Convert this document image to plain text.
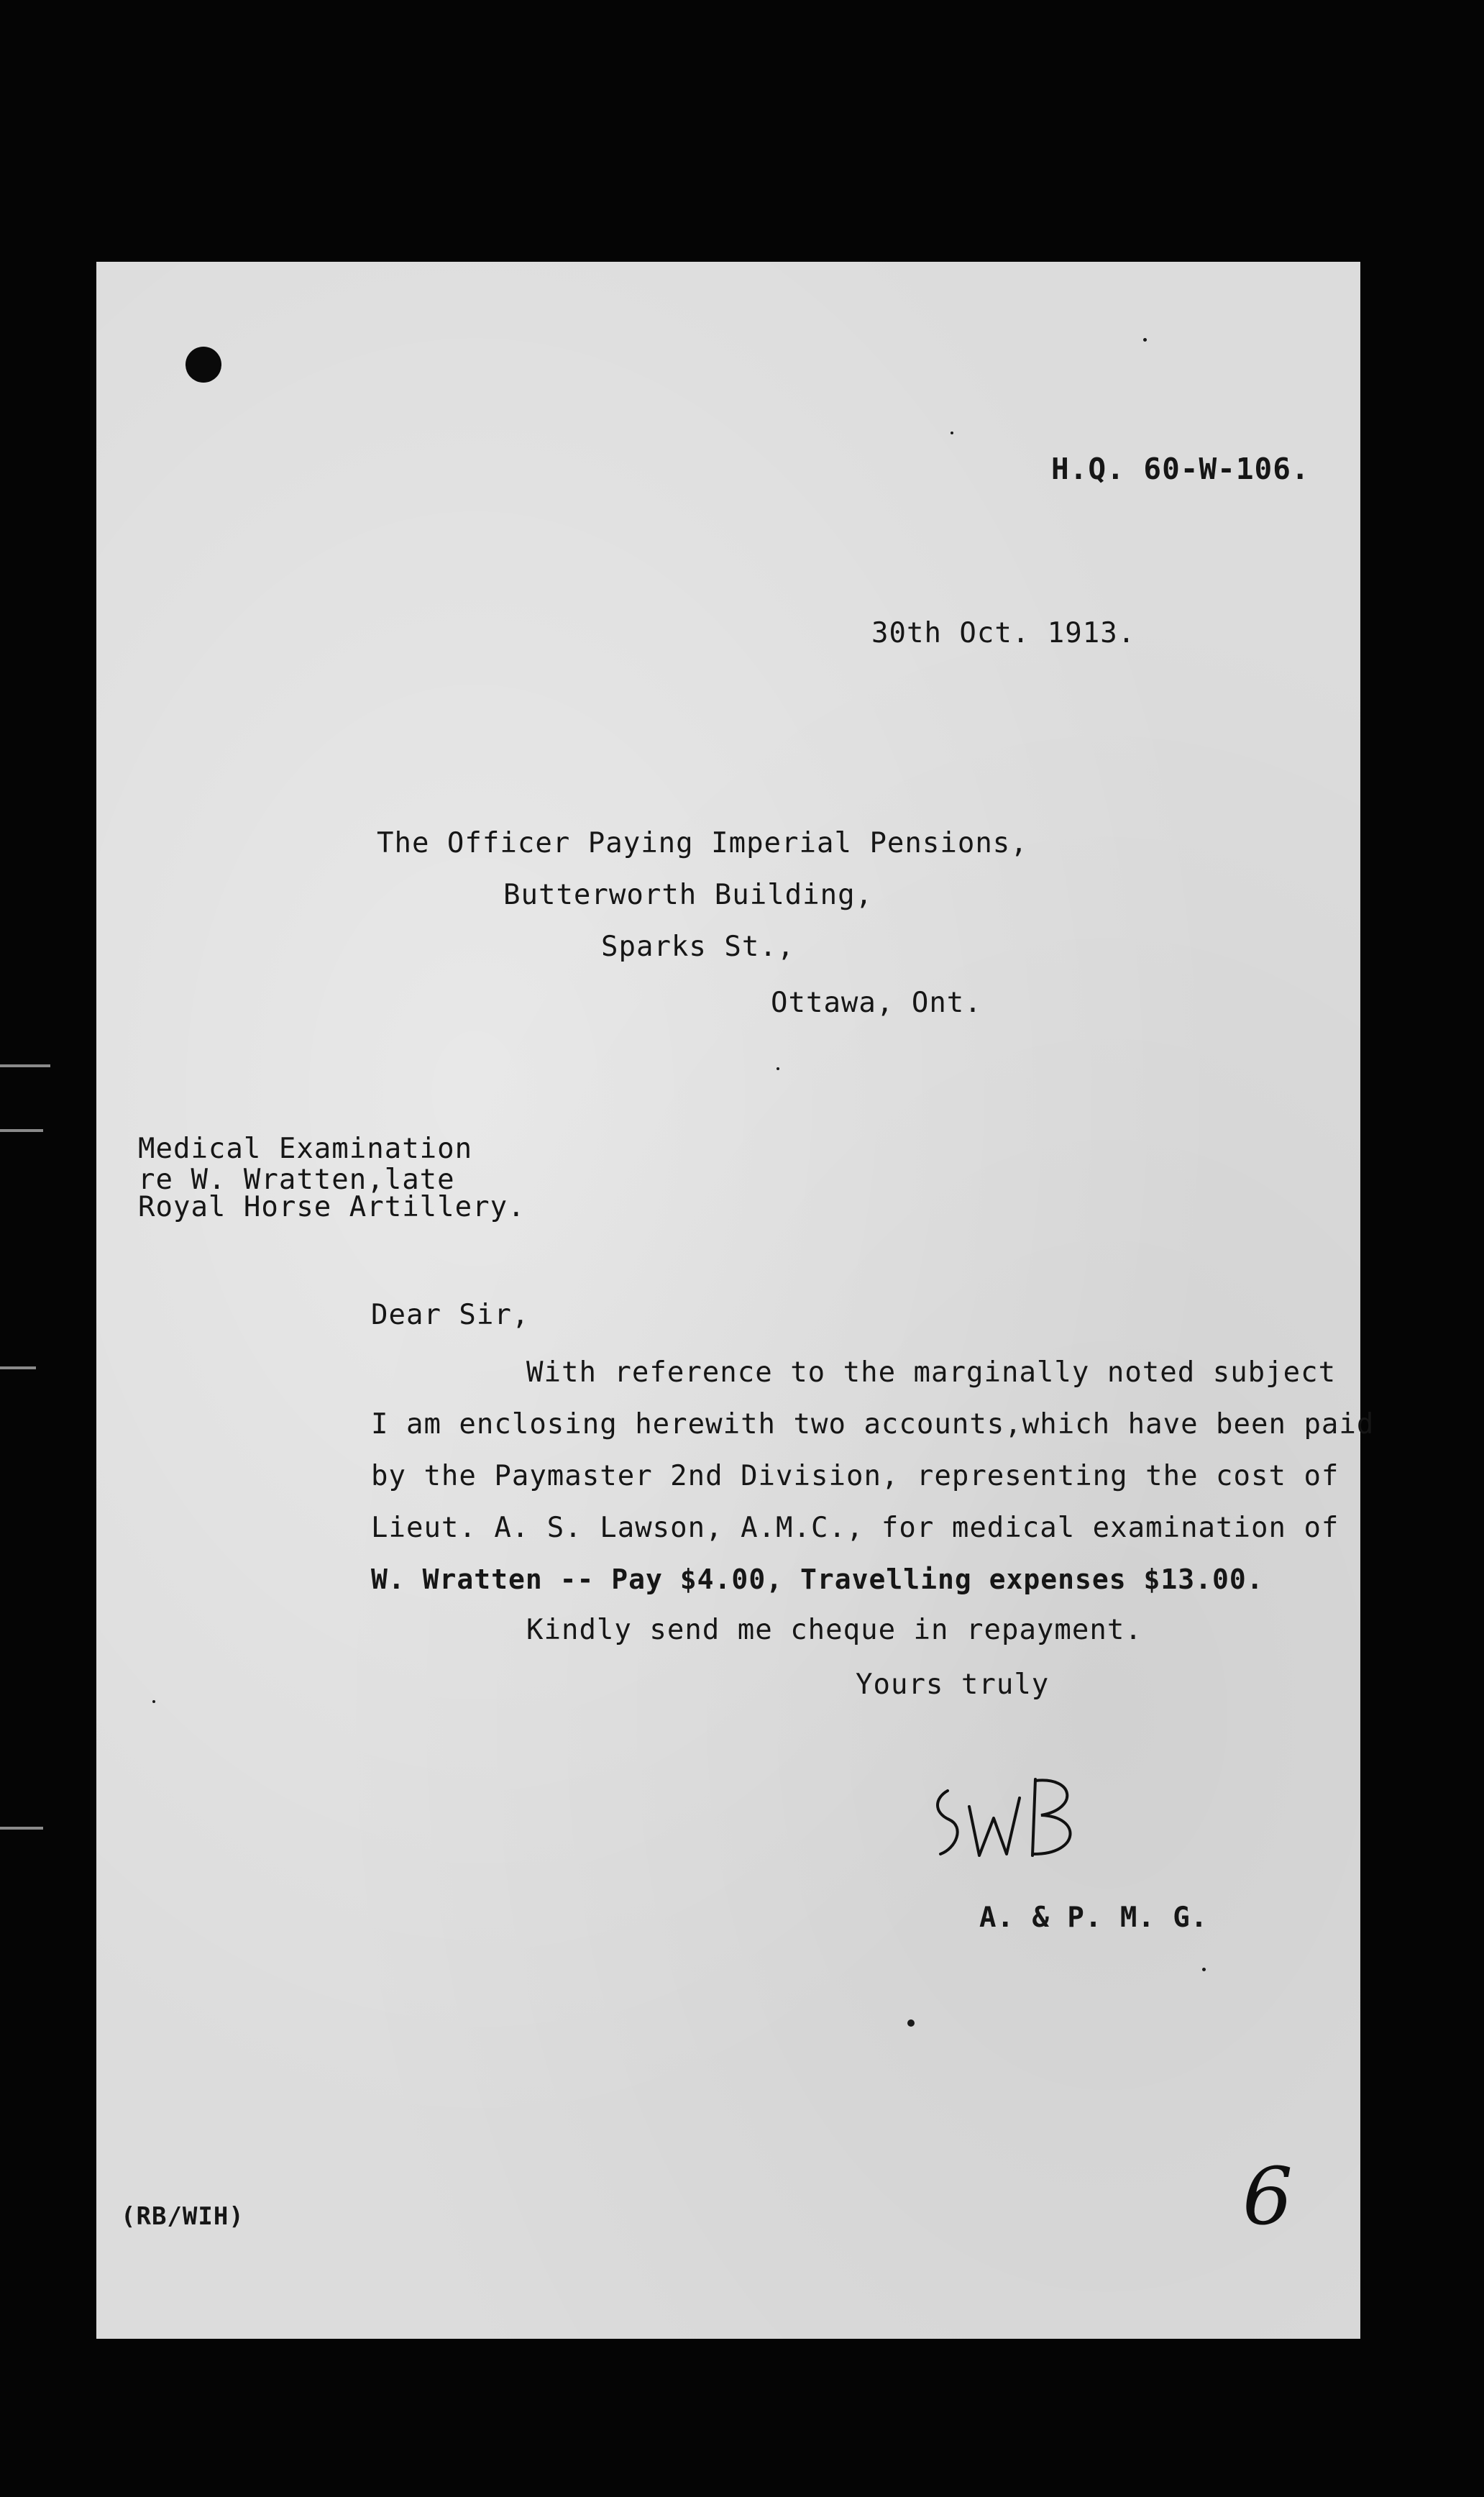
H.Q. 60-W-106.
30th Oct. 1913.
The Officer Paying Imperial Pensions,
Butterworth Building,
Sparks St.,
Ottawa, Ont.
Medical Examination
re W. Wratten,late
Royal Horse Artillery.
Dear Sir,
With reference to the marginally noted subject
I am enclosing herewith two accounts,which have been paid
by the Paymaster 2nd Division, representing the cost of
Lieut. A. S. Lawson, A.M.C., for medical examination of
W. Wratten -- Pay $4.00, Travelling expenses $13.00.
Kindly send me cheque in repayment.
Yours truly
A. & P. M. G.
(RB/WIH)	6
